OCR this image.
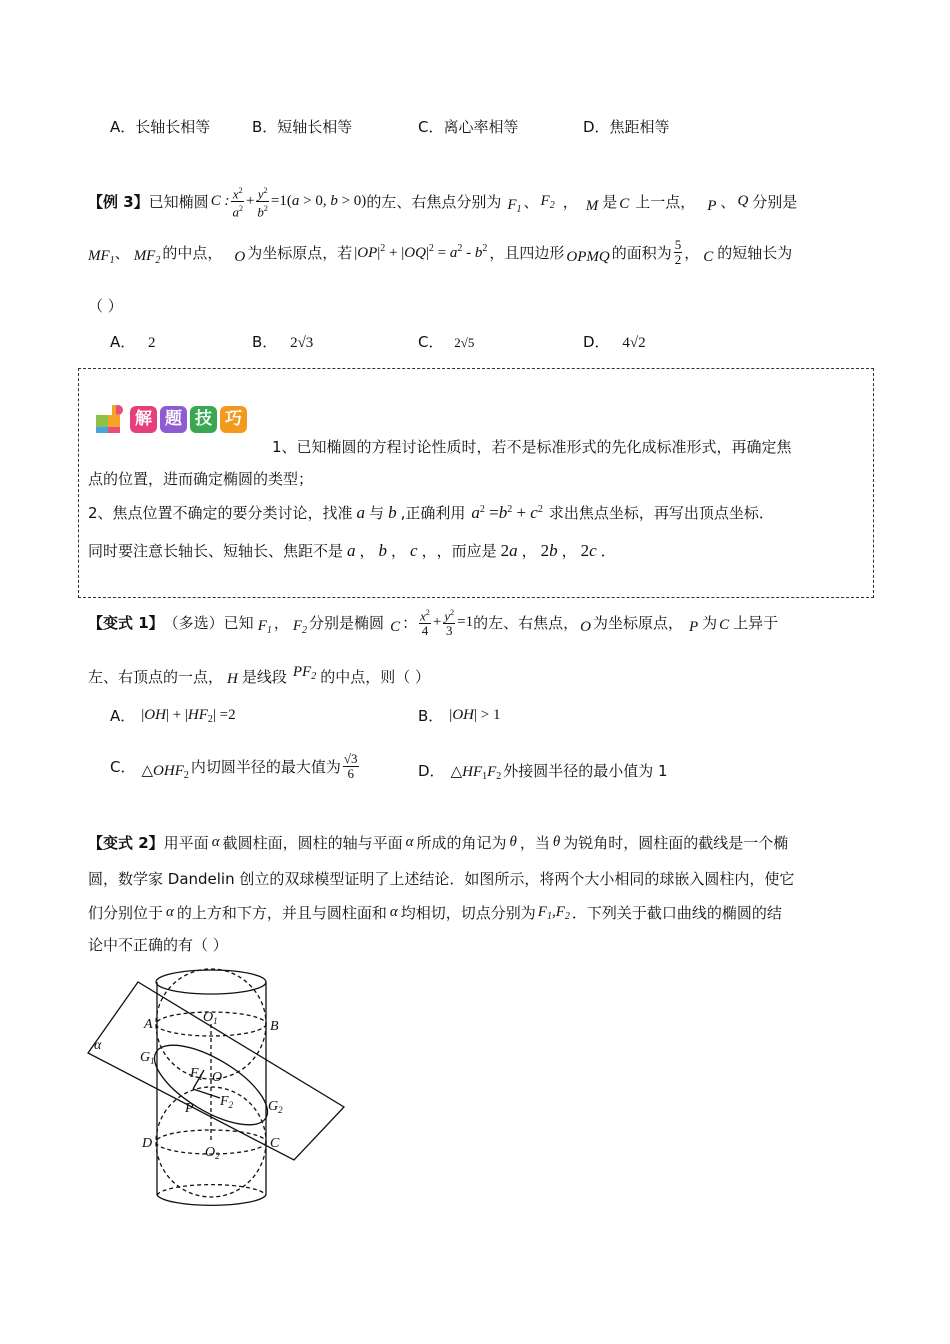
A．长轴长相等	B．短轴长相等	C．离心率相等	D．焦距相等
【例 3】 已知椭圆 C : $\frac{x^2}{a^2} + \frac{y^2}{b^2} =1(a > 0$, b > 0) 的左、右焦点分别为 $F_1$ 、 $F_2$ ， M 是 C 上一点， P 、 Q 分别是
$MF_1$ 、 $MF_2$ 的中点， O 为坐标原点，若 $|OP|^2 + |OQ|^2 = a^2 - b^2$ ，且四边形 OPMQ 的面积为 $\frac{5}{2}$ ， C 的短轴长为
（ ）
A． 2	B． 2√3	C． 2√5	D． 4√2
解 题 技 巧
1、已知椭圆的方程讨论性质时，若不是标准形式的先化成标准形式，再确定焦
点的位置，进而确定椭圆的类型；
2、焦点位置不确定的要分类讨论，找准 a 与 b ,正确利用 $a^2 =b^2 + c^2$ 求出焦点坐标，再写出顶点坐标．
同时要注意长轴长、短轴长、焦距不是 a ， b ， c ， ，而应是 2a ， 2b ， 2c ．
【变式 1】 （多选）已知 $F_1$ ， $F_2$ 分别是椭圆 C ： $\frac{x^2}{4} + \frac{y^2}{3} =1$ 的左、右焦点， O 为坐标原点， P 为 C 上异于
左、右顶点的一点， H 是线段 $PF_2$ 的中点，则（ ）
A． $|OH| + |HF_2| =2$	B． |OH| > 1
C． $\triangle OHF_2$ 内切圆半径的最大值为 $\frac{√3}{6}$	D． $\triangle HF_1F_2$ 外接圆半径的最小值为 1
【变式 2】 用平面 α 截圆柱面，圆柱的轴与平面 α 所成的角记为 θ ，当 θ 为锐角时，圆柱面的截线是一个椭
圆，数学家 Dandelin 创立的双球模型证明了上述结论．如图所示，将两个大小相同的球嵌入圆柱内，使它
们分别位于 α 的上方和下方，并且与圆柱面和 α 均相切，切点分别为 $F_1,F_2$ ．下列关于截口曲线的椭圆的结
论中不正确的有（ ）
α
A	B
$O_1$
$G_1$
$F_1$ O
$F_2$ $G_2$
P
D	C
$O_2$
